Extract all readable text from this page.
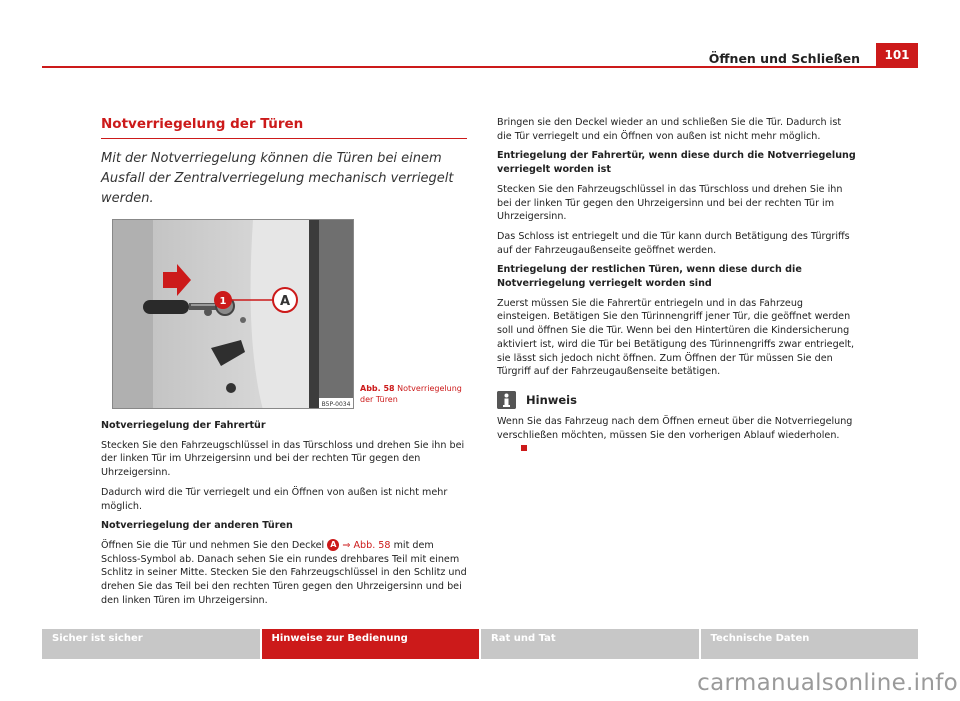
Öffnen und Schließen	101
Notverriegelung der Türen
Mit der Notverriegelung können die Türen bei einem Ausfall der Zentralverriegelung mechanisch verriegelt werden.
1	A
B5P-0034
Abb. 58 Notverriegelung der Türen

Notverriegelung der Fahrertür

Stecken Sie den Fahrzeugschlüssel in das Türschloss und drehen Sie ihn bei der linken Tür im Uhrzeigersinn und bei der rechten Tür gegen den Uhrzeigersinn.

Dadurch wird die Tür verriegelt und ein Öffnen von außen ist nicht mehr möglich.

Notverriegelung der anderen Türen

Öffnen Sie die Tür und nehmen Sie den Deckel A ⇒ Abb. 58 mit dem Schloss-Symbol ab. Danach sehen Sie ein rundes drehbares Teil mit einem Schlitz in seiner Mitte. Stecken Sie den Fahrzeugschlüssel in den Schlitz und drehen Sie das Teil bei den rechten Türen gegen den Uhrzeigersinn und bei den linken Türen im Uhrzeigersinn.

Bringen sie den Deckel wieder an und schließen Sie die Tür. Dadurch ist die Tür verriegelt und ein Öffnen von außen ist nicht mehr möglich.

Entriegelung der Fahrertür, wenn diese durch die Notverriegelung verriegelt worden ist

Stecken Sie den Fahrzeugschlüssel in das Türschloss und drehen Sie ihn bei der linken Tür gegen den Uhrzeigersinn und bei der rechten Tür im Uhrzeigersinn.

Das Schloss ist entriegelt und die Tür kann durch Betätigung des Türgriffs auf der Fahrzeugaußenseite geöffnet werden.

Entriegelung der restlichen Türen, wenn diese durch die Notverriegelung verriegelt worden sind

Zuerst müssen Sie die Fahrertür entriegeln und in das Fahrzeug einsteigen. Betätigen Sie den Türinnengriff jener Tür, die geöffnet werden soll und öffnen Sie die Tür. Wenn bei den Hintertüren die Kindersicherung aktiviert ist, wird die Tür bei Betätigung des Türinnengriffs zwar entriegelt, sie lässt sich jedoch nicht öffnen. Zum Öffnen der Tür müssen Sie den Türgriff auf der Fahrzeugaußenseite betätigen.

Hinweis

Wenn Sie das Fahrzeug nach dem Öffnen erneut über die Notverriegelung verschließen möchten, müssen Sie den vorherigen Ablauf wiederholen.

Sicher ist sicher	Hinweise zur Bedienung	Rat und Tat	Technische Daten
carmanualsonline.info
